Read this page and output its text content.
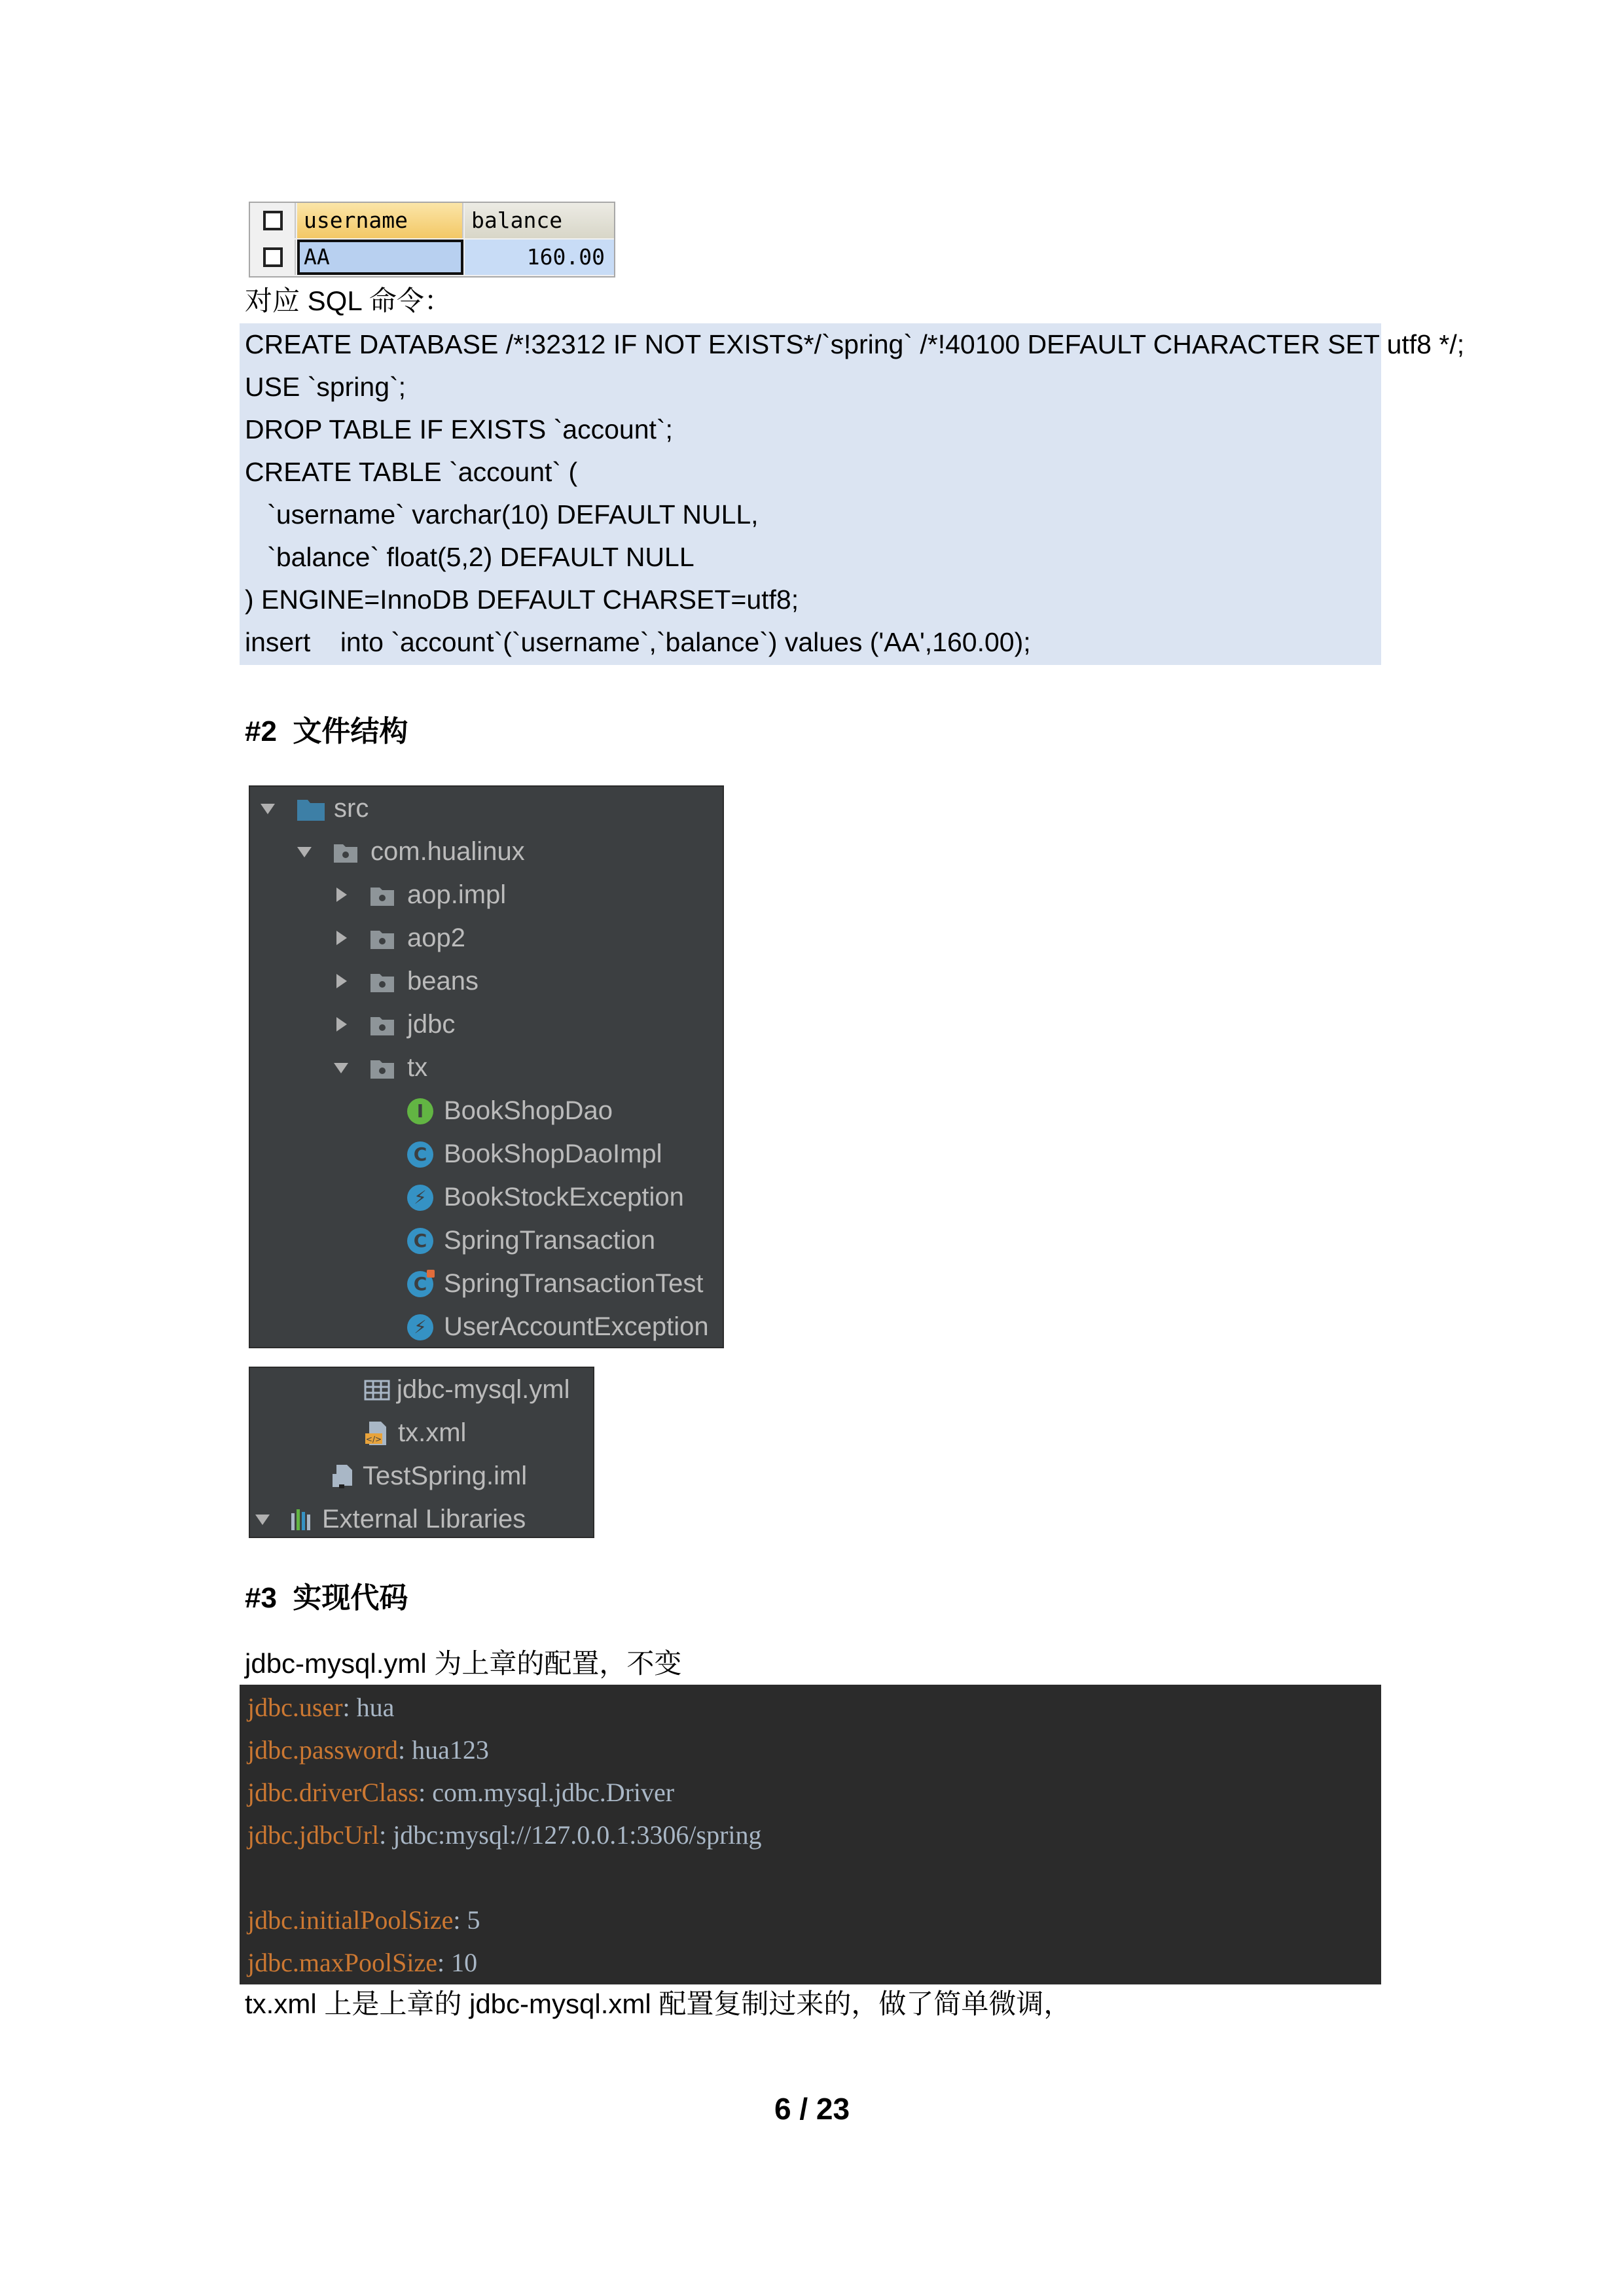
username	balance
AA	160.00
对应 SQL 命令：
CREATE DATABASE /*!32312 IF NOT EXISTS*/`spring` /*!40100 DEFAULT CHARACTER SET utf8 */;
USE `spring`;
DROP TABLE IF EXISTS `account`;
CREATE TABLE `account` (
`username` varchar(10) DEFAULT NULL,
`balance` float(5,2) DEFAULT NULL
) ENGINE=InnoDB DEFAULT CHARSET=utf8;
insert    into `account`(`username`,`balance`) values ('AA',160.00);
#2  文件结构

src

com.hualinux

aop.impl

aop2

beans

jdbc

tx

I

BookShopDao

C

BookShopDaoImpl

⚡

BookStockException

C

SpringTransaction

C

SpringTransactionTest

⚡

UserAccountException

jdbc-mysql.yml

</>

tx.xml

TestSpring.iml

External Libraries

#3  实现代码
jdbc-mysql.yml 为上章的配置，不变
jdbc.user: hua
jdbc.password: hua123
jdbc.driverClass: com.mysql.jdbc.Driver
jdbc.jdbcUrl: jdbc:mysql://127.0.0.1:3306/spring
jdbc.initialPoolSize: 5
jdbc.maxPoolSize: 10
tx.xml 上是上章的 jdbc-mysql.xml 配置复制过来的，做了简单微调，
6 / 23
